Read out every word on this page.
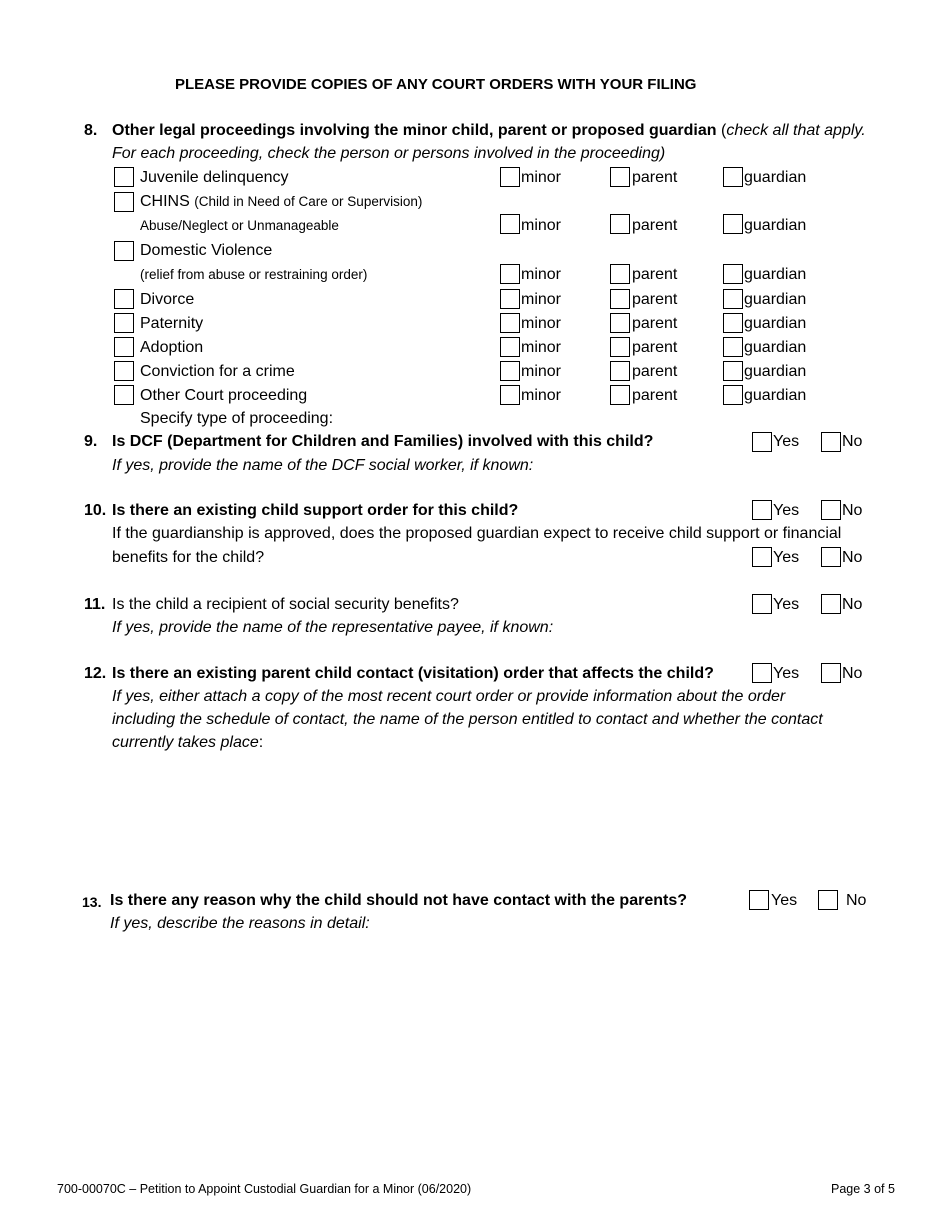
PLEASE PROVIDE COPIES OF ANY COURT ORDERS WITH YOUR FILING
8. Other legal proceedings involving the minor child, parent or proposed guardian (check all that apply.
For each proceeding, check the person or persons involved in the proceeding)
Juvenile delinquency	minor	parent	guardian
CHINS (Child in Need of Care or Supervision)
Abuse/Neglect or Unmanageable	minor	parent	guardian
Domestic Violence
(relief from abuse or restraining order)	minor	parent	guardian
Divorce	minor	parent	guardian
Paternity	minor	parent	guardian
Adoption	minor	parent	guardian
Conviction for a crime	minor	parent	guardian
Other Court proceeding	minor	parent	guardian
Specify type of proceeding:
9. Is DCF (Department for Children and Families) involved with this child?	Yes	No
If yes, provide the name of the DCF social worker, if known:
10. Is there an existing child support order for this child?	Yes	No
If the guardianship is approved, does the proposed guardian expect to receive child support or financial
benefits for the child?	Yes	No
11. Is the child a recipient of social security benefits?	Yes	No
If yes, provide the name of the representative payee, if known:
12. Is there an existing parent child contact (visitation) order that affects the child?	Yes	No
If yes, either attach a copy of the most recent court order or provide information about the order
including the schedule of contact, the name of the person entitled to contact and whether the contact
currently takes place:
13. Is there any reason why the child should not have contact with the parents?	Yes	No
If yes, describe the reasons in detail:
700-00070C – Petition to Appoint Custodial Guardian for a Minor (06/2020)	Page 3 of 5
